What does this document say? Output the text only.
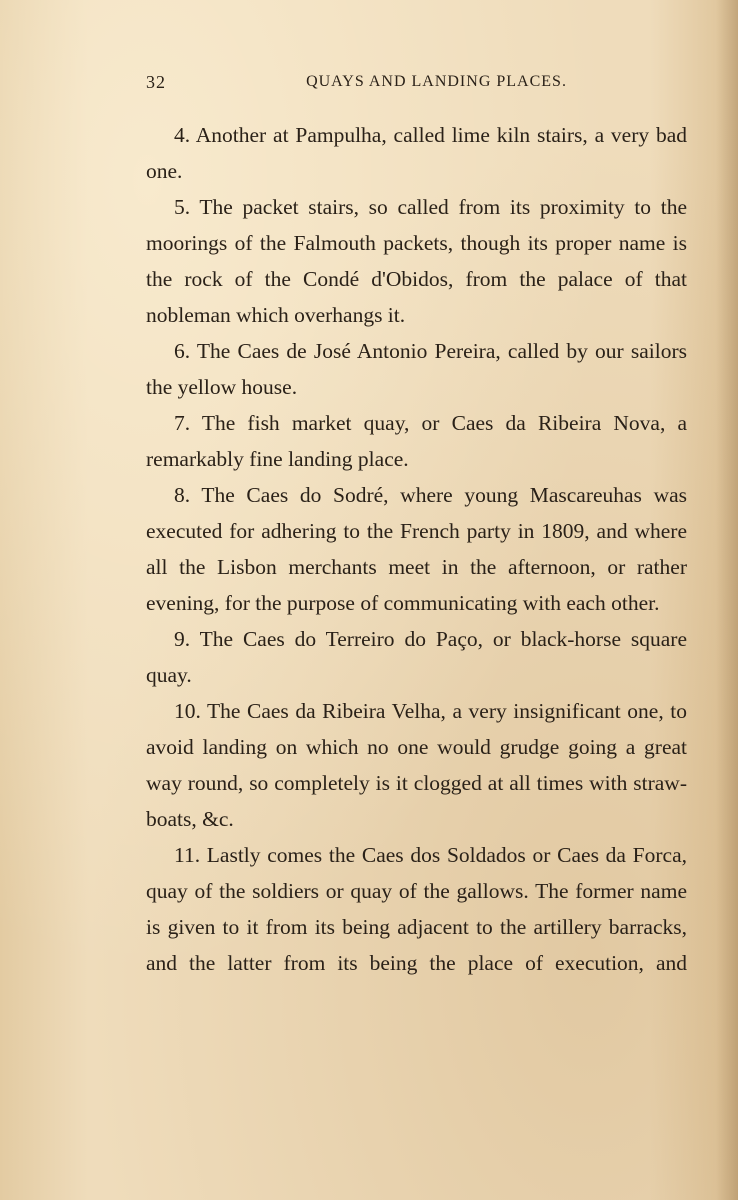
32	QUAYS AND LANDING PLACES.

4. Another at Pampulha, called lime kiln stairs, a very bad one.

5. The packet stairs, so called from its proximity to the moorings of the Falmouth packets, though its proper name is the rock of the Condé d'Obidos, from the palace of that nobleman which overhangs it.

6. The Caes de José Antonio Pereira, called by our sailors the yellow house.

7. The fish market quay, or Caes da Ribeira Nova, a remarkably fine landing place.

8. The Caes do Sodré, where young Mascareuhas was executed for adhering to the French party in 1809, and where all the Lisbon merchants meet in the afternoon, or rather evening, for the purpose of communicating with each other.

9. The Caes do Terreiro do Paço, or black-horse square quay.

10. The Caes da Ribeira Velha, a very insignificant one, to avoid landing on which no one would grudge going a great way round, so completely is it clogged at all times with straw-boats, &c.

11. Lastly comes the Caes dos Soldados or Caes da Forca, quay of the soldiers or quay of the gallows. The former name is given to it from its being adjacent to the artillery barracks, and the latter from its being the place of execution, and
